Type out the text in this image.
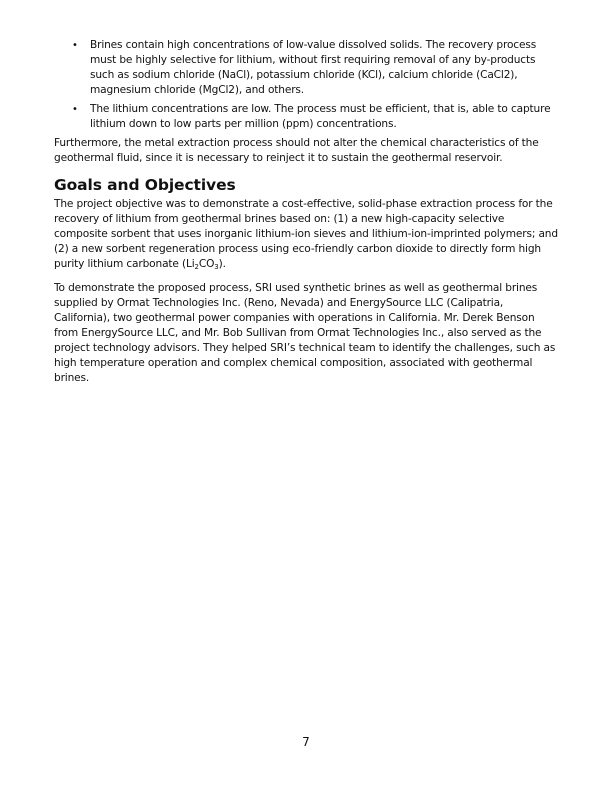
• Brines contain high concentrations of low-value dissolved solids. The recovery process must be highly selective for lithium, without first requiring removal of any by-products such as sodium chloride (NaCl), potassium chloride (KCl), calcium chloride (CaCl2), magnesium chloride (MgCl2), and others.
• The lithium concentrations are low. The process must be efficient, that is, able to capture lithium down to low parts per million (ppm) concentrations.

Furthermore, the metal extraction process should not alter the chemical characteristics of the geothermal fluid, since it is necessary to reinject it to sustain the geothermal reservoir.

Goals and Objectives

The project objective was to demonstrate a cost-effective, solid-phase extraction process for the recovery of lithium from geothermal brines based on: (1) a new high-capacity selective composite sorbent that uses inorganic lithium-ion sieves and lithium-ion-imprinted polymers; and (2) a new sorbent regeneration process using eco-friendly carbon dioxide to directly form high purity lithium carbonate $(Li_2CO_3)$.

To demonstrate the proposed process, SRI used synthetic brines as well as geothermal brines supplied by Ormat Technologies Inc. (Reno, Nevada) and EnergySource LLC (Calipatria, California), two geothermal power companies with operations in California. Mr. Derek Benson from EnergySource LLC, and Mr. Bob Sullivan from Ormat Technologies Inc., also served as the project technology advisors. They helped SRI’s technical team to identify the challenges, such as high temperature operation and complex chemical composition, associated with geothermal brines.

7
